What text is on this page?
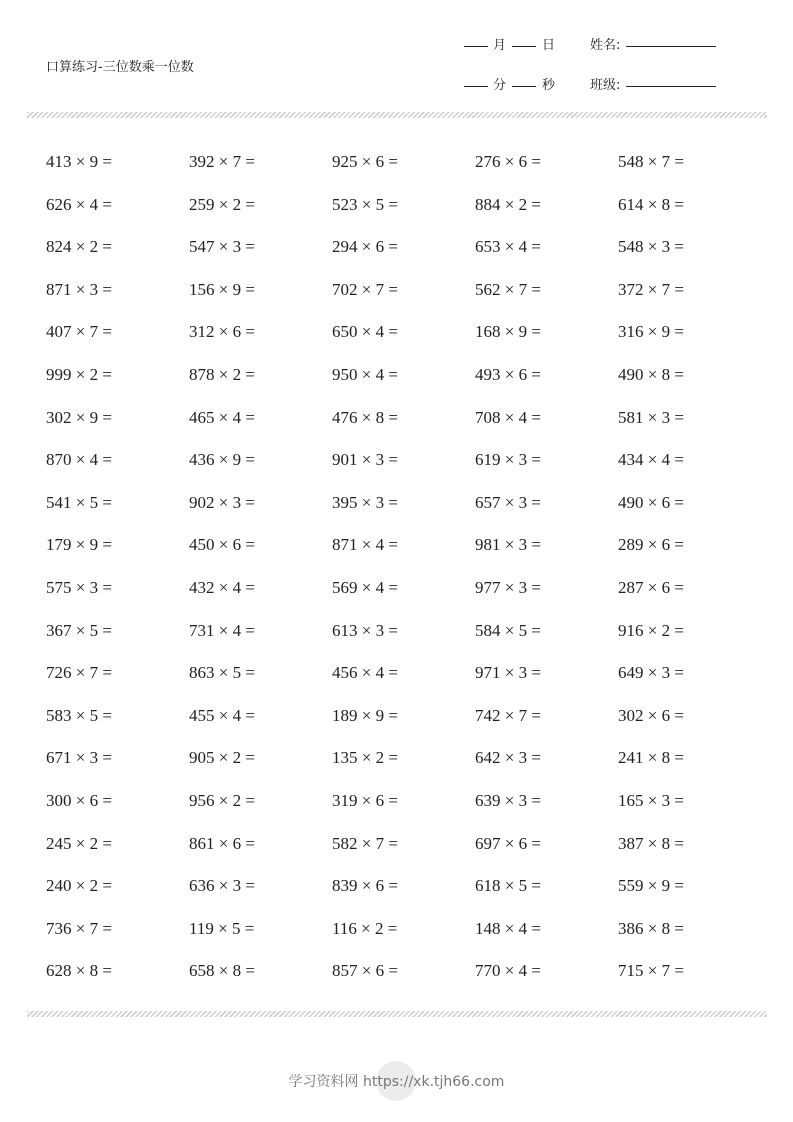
口算练习-三位数乘一位数
月	日	姓名:
分	秒	班级:
413 × 9 =	392 × 7 =	925 × 6 =	276 × 6 =	548 × 7 =
626 × 4 =	259 × 2 =	523 × 5 =	884 × 2 =	614 × 8 =
824 × 2 =	547 × 3 =	294 × 6 =	653 × 4 =	548 × 3 =
871 × 3 =	156 × 9 =	702 × 7 =	562 × 7 =	372 × 7 =
407 × 7 =	312 × 6 =	650 × 4 =	168 × 9 =	316 × 9 =
999 × 2 =	878 × 2 =	950 × 4 =	493 × 6 =	490 × 8 =
302 × 9 =	465 × 4 =	476 × 8 =	708 × 4 =	581 × 3 =
870 × 4 =	436 × 9 =	901 × 3 =	619 × 3 =	434 × 4 =
541 × 5 =	902 × 3 =	395 × 3 =	657 × 3 =	490 × 6 =
179 × 9 =	450 × 6 =	871 × 4 =	981 × 3 =	289 × 6 =
575 × 3 =	432 × 4 =	569 × 4 =	977 × 3 =	287 × 6 =
367 × 5 =	731 × 4 =	613 × 3 =	584 × 5 =	916 × 2 =
726 × 7 =	863 × 5 =	456 × 4 =	971 × 3 =	649 × 3 =
583 × 5 =	455 × 4 =	189 × 9 =	742 × 7 =	302 × 6 =
671 × 3 =	905 × 2 =	135 × 2 =	642 × 3 =	241 × 8 =
300 × 6 =	956 × 2 =	319 × 6 =	639 × 3 =	165 × 3 =
245 × 2 =	861 × 6 =	582 × 7 =	697 × 6 =	387 × 8 =
240 × 2 =	636 × 3 =	839 × 6 =	618 × 5 =	559 × 9 =
736 × 7 =	119 × 5 =	116 × 2 =	148 × 4 =	386 × 8 =
628 × 8 =	658 × 8 =	857 × 6 =	770 × 4 =	715 × 7 =
学习资料网 https://xk.tjh66.com
